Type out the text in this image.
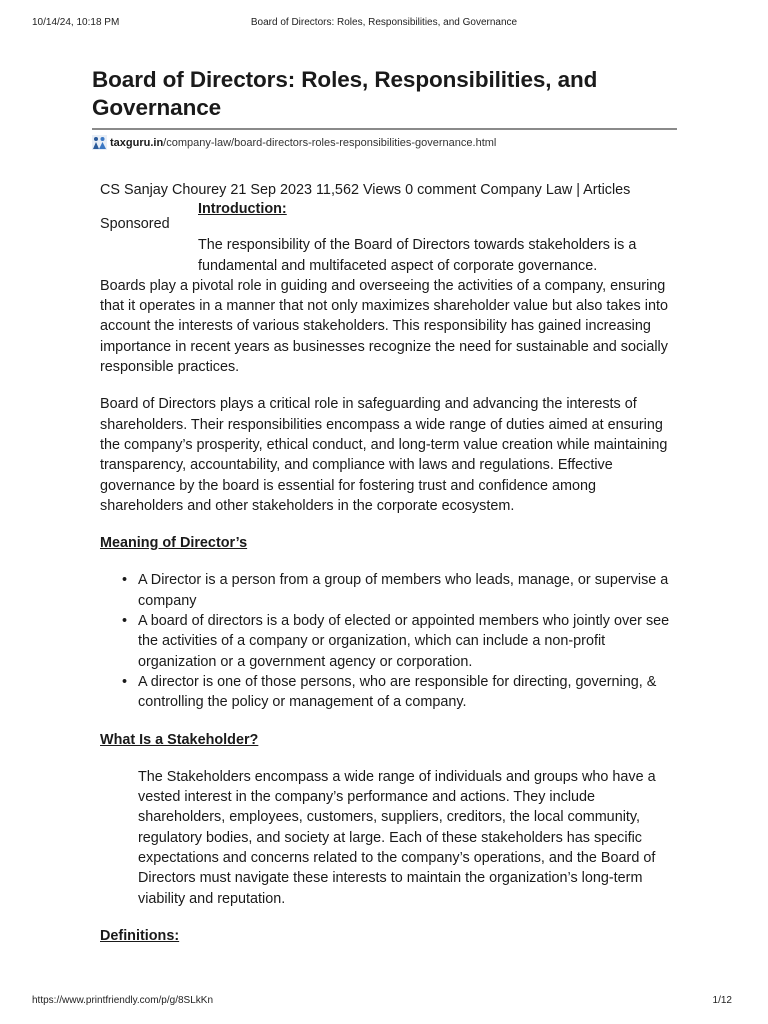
10/14/24, 10:18 PM	Board of Directors: Roles, Responsibilities, and Governance
Board of Directors: Roles, Responsibilities, and Governance
taxguru.in /company-law/board-directors-roles-responsibilities-governance.html

CS Sanjay Chourey 21 Sep 2023 11,562 Views 0 comment Company Law | Articles

Sponsored
Introduction:

The responsibility of the Board of Directors towards stakeholders is a fundamental and multifaceted aspect of corporate governance.
Boards play a pivotal role in guiding and overseeing the activities of a company, ensuring that it operates in a manner that not only maximizes shareholder value but also takes into account the interests of various stakeholders. This responsibility has gained increasing importance in recent years as businesses recognize the need for sustainable and socially responsible practices.

Board of Directors plays a critical role in safeguarding and advancing the interests of shareholders. Their responsibilities encompass a wide range of duties aimed at ensuring the company’s prosperity, ethical conduct, and long-term value creation while maintaining transparency, accountability, and compliance with laws and regulations. Effective governance by the board is essential for fostering trust and confidence among shareholders and other stakeholders in the corporate ecosystem.

Meaning of Director’s

• A Director is a person from a group of members who leads, manage, or supervise a company
• A board of directors is a body of elected or appointed members who jointly over see the activities of a company or organization, which can include a non-profit organization or a government agency or corporation.
• A director is one of those persons, who are responsible for directing, governing, & controlling the policy or management of a company.

What Is a Stakeholder?

The Stakeholders encompass a wide range of individuals and groups who have a vested interest in the company’s performance and actions. They include shareholders, employees, customers, suppliers, creditors, the local community, regulatory bodies, and society at large. Each of these stakeholders has specific expectations and concerns related to the company’s operations, and the Board of Directors must navigate these interests to maintain the organization’s long-term viability and reputation.

Definitions:

https://www.printfriendly.com/p/g/8SLkKn	1/12
